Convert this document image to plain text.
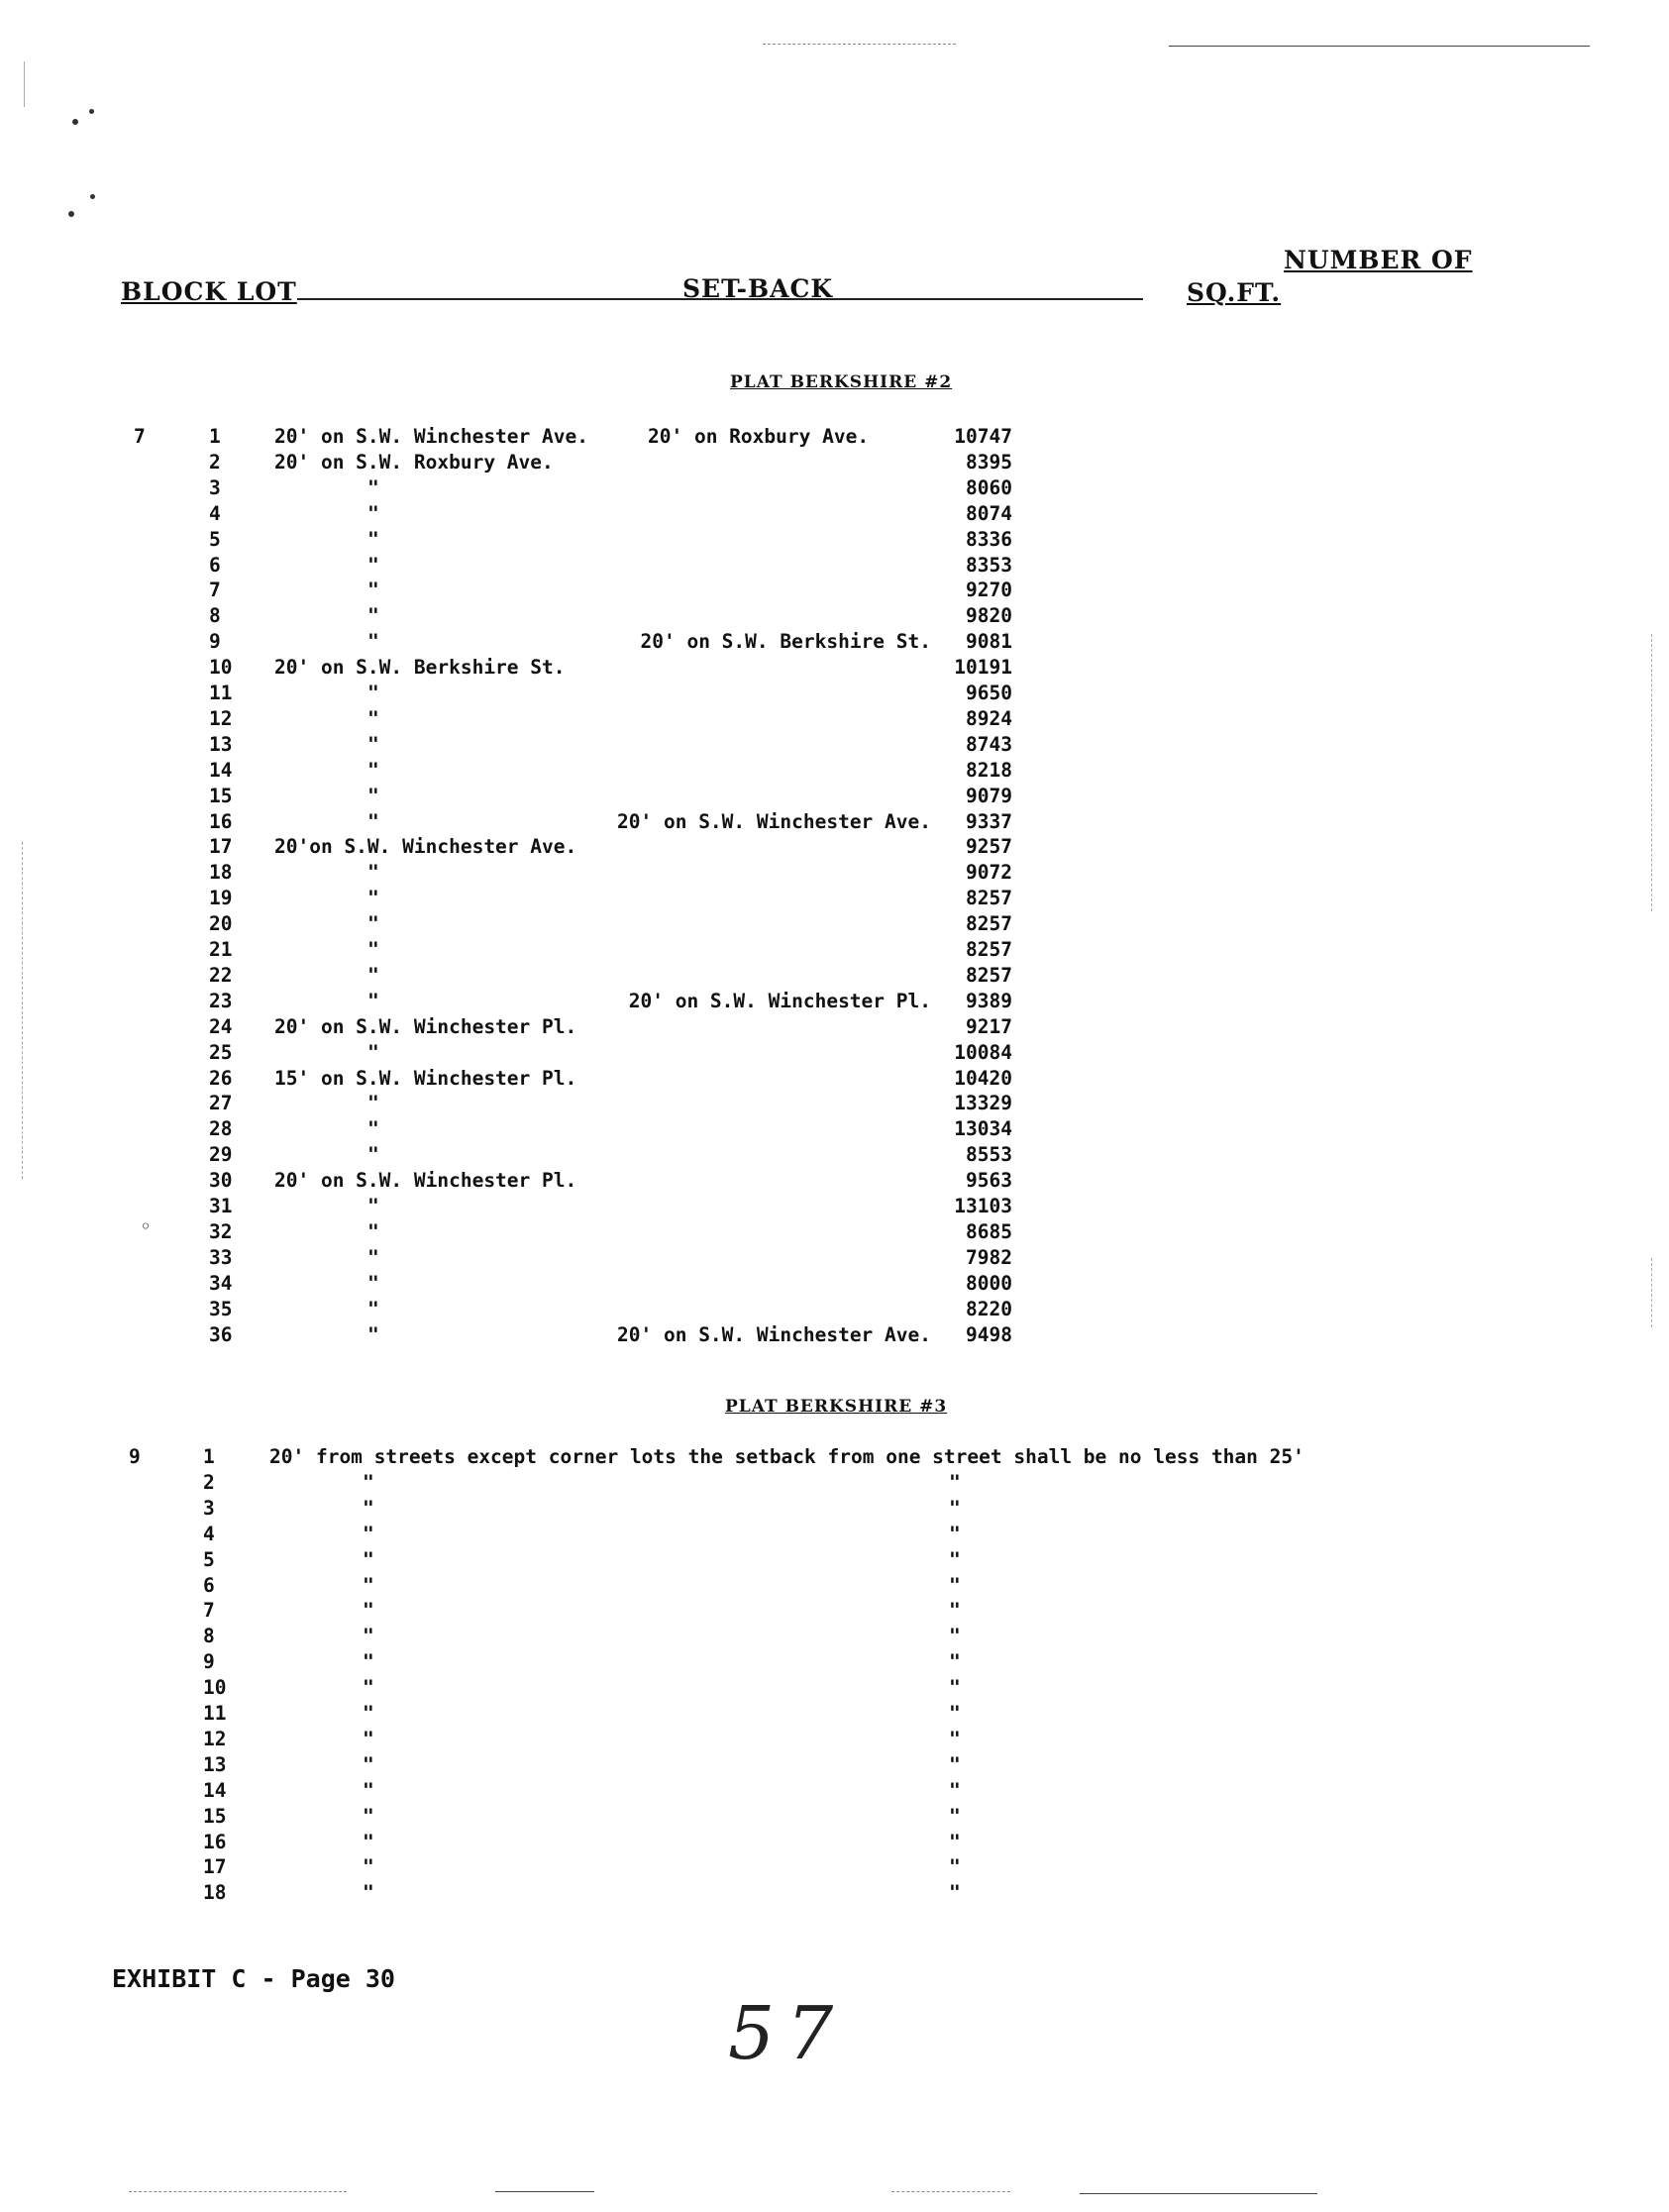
◦
NUMBER OF
BLOCK LOT	SET-BACK	SQ.FT.
PLAT BERKSHIRE #2
PLAT BERKSHIRE #3
7	1	20' on S.W. Winchester Ave.	20' on Roxbury Ave.	10747
2	20' on S.W. Roxbury Ave.	8395
3	"	8060
4	"	8074
5	"	8336
6	"	8353
7	"	9270
8	"	9820
9	"	20' on S.W. Berkshire St. 9081
10 20' on S.W. Berkshire St.	10191
11	"	9650
12	"	8924
13	"	8743
14	"	8218
15	"	9079
16	"	20' on S.W. Winchester Ave. 9337
17 20'on S.W. Winchester Ave.	9257
18	"	9072
19	"	8257
20	"	8257
21	"	8257
22	"	8257
23	"	20' on S.W. Winchester Pl. 9389
24 20' on S.W. Winchester Pl.	9217
25	"	10084
26 15' on S.W. Winchester Pl.	10420
27	"	13329
28	"	13034
29	"	8553
30 20' on S.W. Winchester Pl.	9563
31	"	13103
32	"	8685
33	"	7982
34	"	8000
35	"	8220
36	"	20' on S.W. Winchester Ave. 9498
9	1	20' from streets except corner lots the setback from one street shall be no less than 25'
2	"	"
3	"	"
4	"	"
5	"	"
6	"	"
7	"	"
8	"	"
9	"	"
10	"	"
11	"	"
12	"	"
13	"	"
14	"	"
15	"	"
16	"	"
17	"	"
18	"	"
EXHIBIT C - Page 30
57
